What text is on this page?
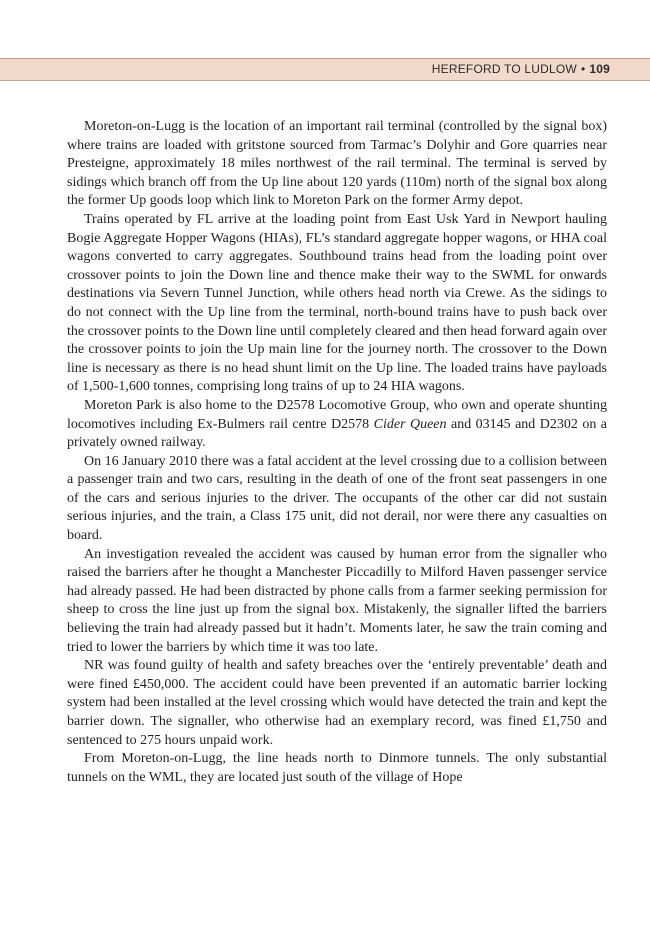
HEREFORD TO LUDLOW • 109

Moreton-on-Lugg is the location of an important rail terminal (controlled by the signal box) where trains are loaded with gritstone sourced from Tarmac’s Dolyhir and Gore quarries near Presteigne, approximately 18 miles northwest of the rail terminal. The terminal is served by sidings which branch off from the Up line about 120 yards (110m) north of the signal box along the former Up goods loop which link to Moreton Park on the former Army depot.

Trains operated by FL arrive at the loading point from East Usk Yard in Newport hauling Bogie Aggregate Hopper Wagons (HIAs), FL’s standard aggregate hopper wagons, or HHA coal wagons converted to carry aggregates. Southbound trains head from the loading point over crossover points to join the Down line and thence make their way to the SWML for onwards destinations via Severn Tunnel Junction, while others head north via Crewe. As the sidings to do not connect with the Up line from the terminal, north-bound trains have to push back over the crossover points to the Down line until completely cleared and then head forward again over the crossover points to join the Up main line for the journey north. The crossover to the Down line is necessary as there is no head shunt limit on the Up line. The loaded trains have payloads of 1,500-1,600 tonnes, comprising long trains of up to 24 HIA wagons.

Moreton Park is also home to the D2578 Locomotive Group, who own and operate shunting locomotives including Ex-Bulmers rail centre D2578 Cider Queen and 03145 and D2302 on a privately owned railway.

On 16 January 2010 there was a fatal accident at the level crossing due to a collision between a passenger train and two cars, resulting in the death of one of the front seat passengers in one of the cars and serious injuries to the driver. The occupants of the other car did not sustain serious injuries, and the train, a Class 175 unit, did not derail, nor were there any casualties on board.

An investigation revealed the accident was caused by human error from the signaller who raised the barriers after he thought a Manchester Piccadilly to Milford Haven passenger service had already passed. He had been distracted by phone calls from a farmer seeking permission for sheep to cross the line just up from the signal box. Mistakenly, the signaller lifted the barriers believing the train had already passed but it hadn’t. Moments later, he saw the train coming and tried to lower the barriers by which time it was too late.

NR was found guilty of health and safety breaches over the ‘entirely preventable’ death and were fined £450,000. The accident could have been prevented if an automatic barrier locking system had been installed at the level crossing which would have detected the train and kept the barrier down. The signaller, who otherwise had an exemplary record, was fined £1,750 and sentenced to 275 hours unpaid work.

From Moreton-on-Lugg, the line heads north to Dinmore tunnels. The only substantial tunnels on the WML, they are located just south of the village of Hope
